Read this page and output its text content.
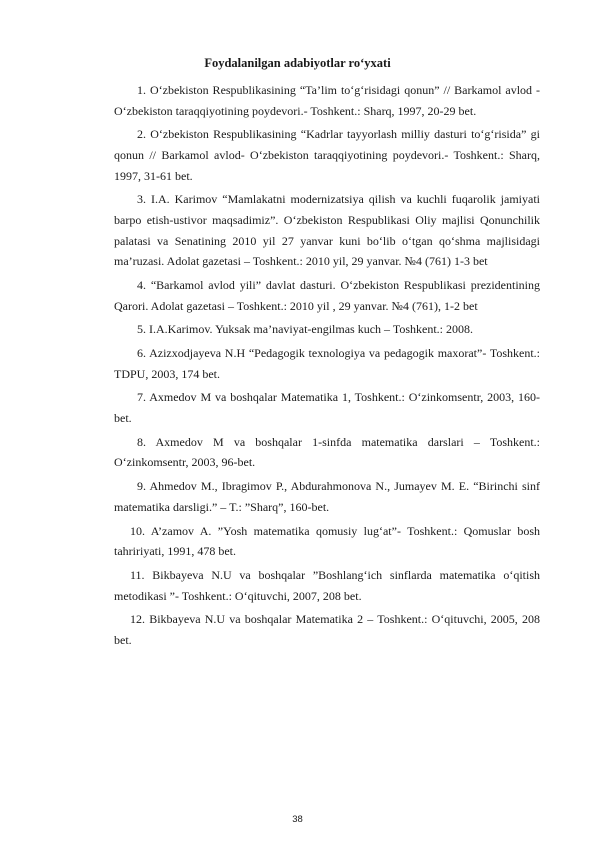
Foydalanilgan adabiyotlar ro‘yxati

1. O‘zbekiston Respublikasining “Ta’lim to‘g‘risidagi qonun” // Barkamol avlod - O‘zbekiston taraqqiyotining poydevori.- Toshkent.: Sharq, 1997, 20-29 bet.

2. O‘zbekiston Respublikasining “Kadrlar tayyorlash milliy dasturi to‘g‘risida” gi qonun // Barkamol avlod- O‘zbekiston taraqqiyotining poydevori.- Toshkent.: Sharq, 1997, 31-61 bet.

3. I.A. Karimov “Mamlakatni modernizatsiya qilish va kuchli fuqarolik jamiyati barpo etish-ustivor maqsadimiz”. O‘zbekiston Respublikasi Oliy majlisi Qonunchilik palatasi va Senatining 2010 yil 27 yanvar kuni bo‘lib o‘tgan qo‘shma majlisidagi ma’ruzasi. Adolat gazetasi – Toshkent.: 2010 yil, 29 yanvar. №4 (761) 1-3 bet

4. “Barkamol avlod yili” davlat dasturi. O‘zbekiston Respublikasi prezidentining Qarori. Adolat gazetasi – Toshkent.: 2010 yil , 29 yanvar. №4 (761), 1-2 bet

5. I.A.Karimov. Yuksak ma’naviyat-engilmas kuch – Toshkent.: 2008.

6. Azizxodjayeva N.H “Pedagogik texnologiya va pedagogik maxorat”- Toshkent.: TDPU, 2003, 174 bet.

7. Axmedov M va boshqalar Matematika 1, Toshkent.: O‘zinkomsentr, 2003, 160-bet.

8. Axmedov M va boshqalar 1-sinfda matematika darslari – Toshkent.: O‘zinkomsentr, 2003, 96-bet.

9. Ahmedov M., Ibragimov P., Abdurahmonova N., Jumayev M. E. “Birinchi sinf matematika darsligi.” – T.: ”Sharq”, 160-bet.

10. A’zamov A. ”Yosh matematika qomusiy lug‘at”- Toshkent.: Qomuslar bosh tahririyati, 1991, 478 bet.

11. Bikbayeva N.U va boshqalar ”Boshlang‘ich sinflarda matematika o‘qitish metodikasi ”- Toshkent.: O‘qituvchi, 2007, 208 bet.

12. Bikbayeva N.U va boshqalar Matematika 2 – Toshkent.: O‘qituvchi, 2005, 208 bet.

38
